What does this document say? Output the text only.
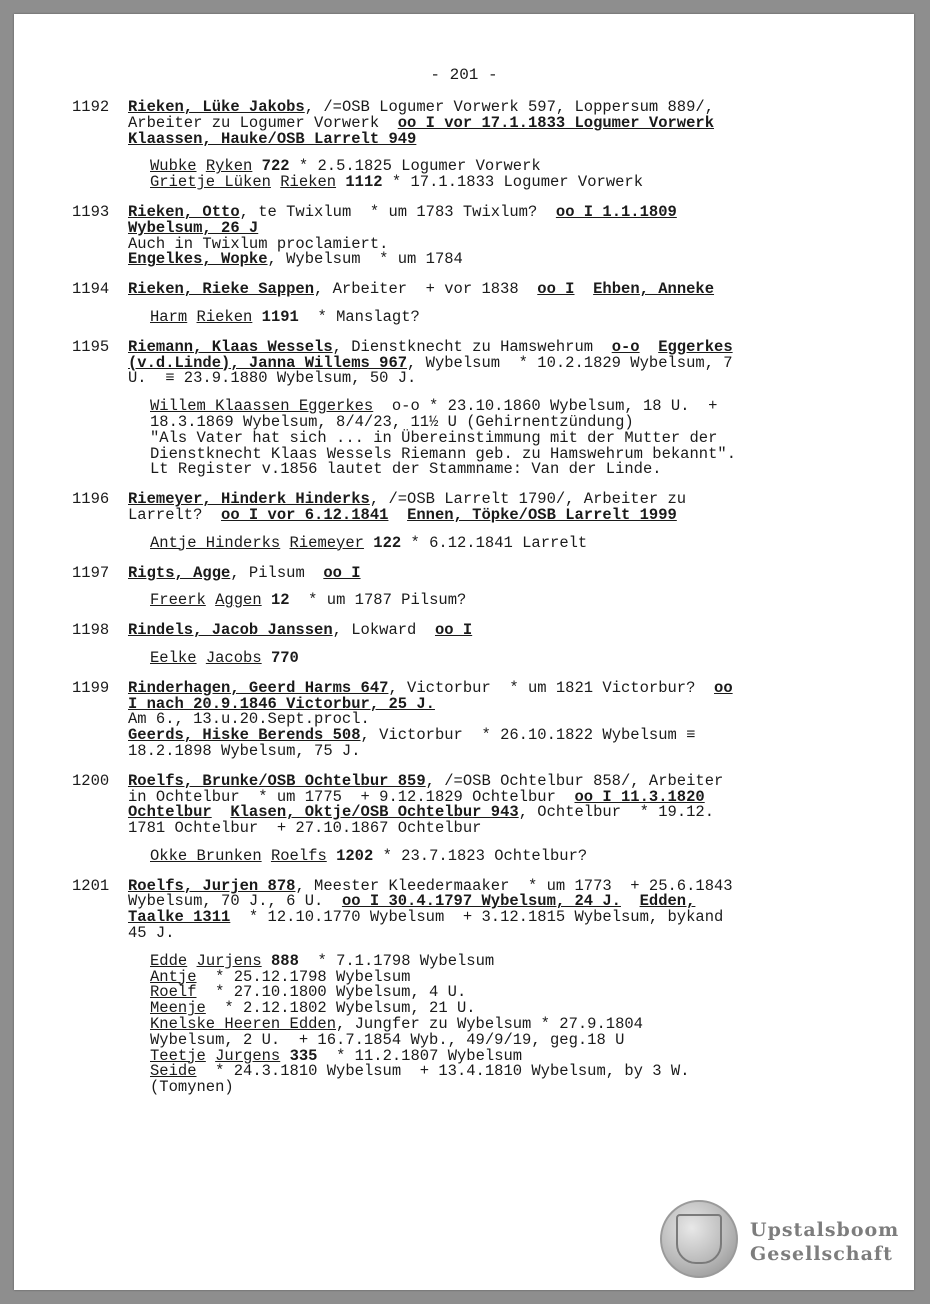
- 201 -
1192	Rieken, Lüke Jakobs, /=OSB Logumer Vorwerk 597, Loppersum 889/,
Arbeiter zu Logumer Vorwerk  oo I vor 17.1.1833 Logumer Vorwerk
Klaassen, Hauke/OSB Larrelt 949
Wubke Ryken 722 * 2.5.1825 Logumer Vorwerk
Grietje Lüken Rieken 1112 * 17.1.1833 Logumer Vorwerk
1193	Rieken, Otto, te Twixlum  * um 1783 Twixlum?  oo I 1.1.1809
Wybelsum, 26 J
Auch in Twixlum proclamiert.
Engelkes, Wopke, Wybelsum  * um 1784
1194	Rieken, Rieke Sappen, Arbeiter  + vor 1838  oo I Ehben, Anneke
Harm Rieken 1191  * Manslagt?
1195	Riemann, Klaas Wessels, Dienstknecht zu Hamswehrum  o-o Eggerkes
(v.d.Linde), Janna Willems 967, Wybelsum  * 10.2.1829 Wybelsum, 7
U.  ≡ 23.9.1880 Wybelsum, 50 J.
Willem Klaassen Eggerkes  o-o * 23.10.1860 Wybelsum, 18 U.  +
18.3.1869 Wybelsum, 8/4/23, 11½ U (Gehirnentzündung)
"Als Vater hat sich ... in Übereinstimmung mit der Mutter der
Dienstknecht Klaas Wessels Riemann geb. zu Hamswehrum bekannt".
Lt Register v.1856 lautet der Stammname: Van der Linde.
1196	Riemeyer, Hinderk Hinderks, /=OSB Larrelt 1790/, Arbeiter zu
Larrelt?  oo I vor 6.12.1841 Ennen, Töpke/OSB Larrelt 1999
Antje Hinderks Riemeyer 122 * 6.12.1841 Larrelt
1197	Rigts, Agge, Pilsum  oo I
Freerk Aggen 12  * um 1787 Pilsum?
1198	Rindels, Jacob Janssen, Lokward  oo I
Eelke Jacobs 770
1199	Rinderhagen, Geerd Harms 647, Victorbur  * um 1821 Victorbur?  oo
I nach 20.9.1846 Victorbur, 25 J.
Am 6., 13.u.20.Sept.procl.
Geerds, Hiske Berends 508, Victorbur  * 26.10.1822 Wybelsum ≡
18.2.1898 Wybelsum, 75 J.
1200	Roelfs, Brunke/OSB Ochtelbur 859, /=OSB Ochtelbur 858/, Arbeiter
in Ochtelbur  * um 1775  + 9.12.1829 Ochtelbur  oo I 11.3.1820
Ochtelbur Klasen, Oktje/OSB Ochtelbur 943, Ochtelbur  * 19.12.
1781 Ochtelbur  + 27.10.1867 Ochtelbur
Okke Brunken Roelfs 1202 * 23.7.1823 Ochtelbur?
1201	Roelfs, Jurjen 878, Meester Kleedermaaker  * um 1773  + 25.6.1843
Wybelsum, 70 J., 6 U.  oo I 30.4.1797 Wybelsum, 24 J. Edden,
Taalke 1311  * 12.10.1770 Wybelsum  + 3.12.1815 Wybelsum, bykand
45 J.
Edde Jurjens 888  * 7.1.1798 Wybelsum
Antje  * 25.12.1798 Wybelsum
Roelf  * 27.10.1800 Wybelsum, 4 U.
Meenje  * 2.12.1802 Wybelsum, 21 U.
Knelske Heeren Edden, Jungfer zu Wybelsum * 27.9.1804
Wybelsum, 2 U.  + 16.7.1854 Wyb., 49/9/19, geg.18 U
Teetje Jurgens 335  * 11.2.1807 Wybelsum
Seide  * 24.3.1810 Wybelsum  + 13.4.1810 Wybelsum, by 3 W.
(Tomynen)
Upstalsboom
Gesellschaft
